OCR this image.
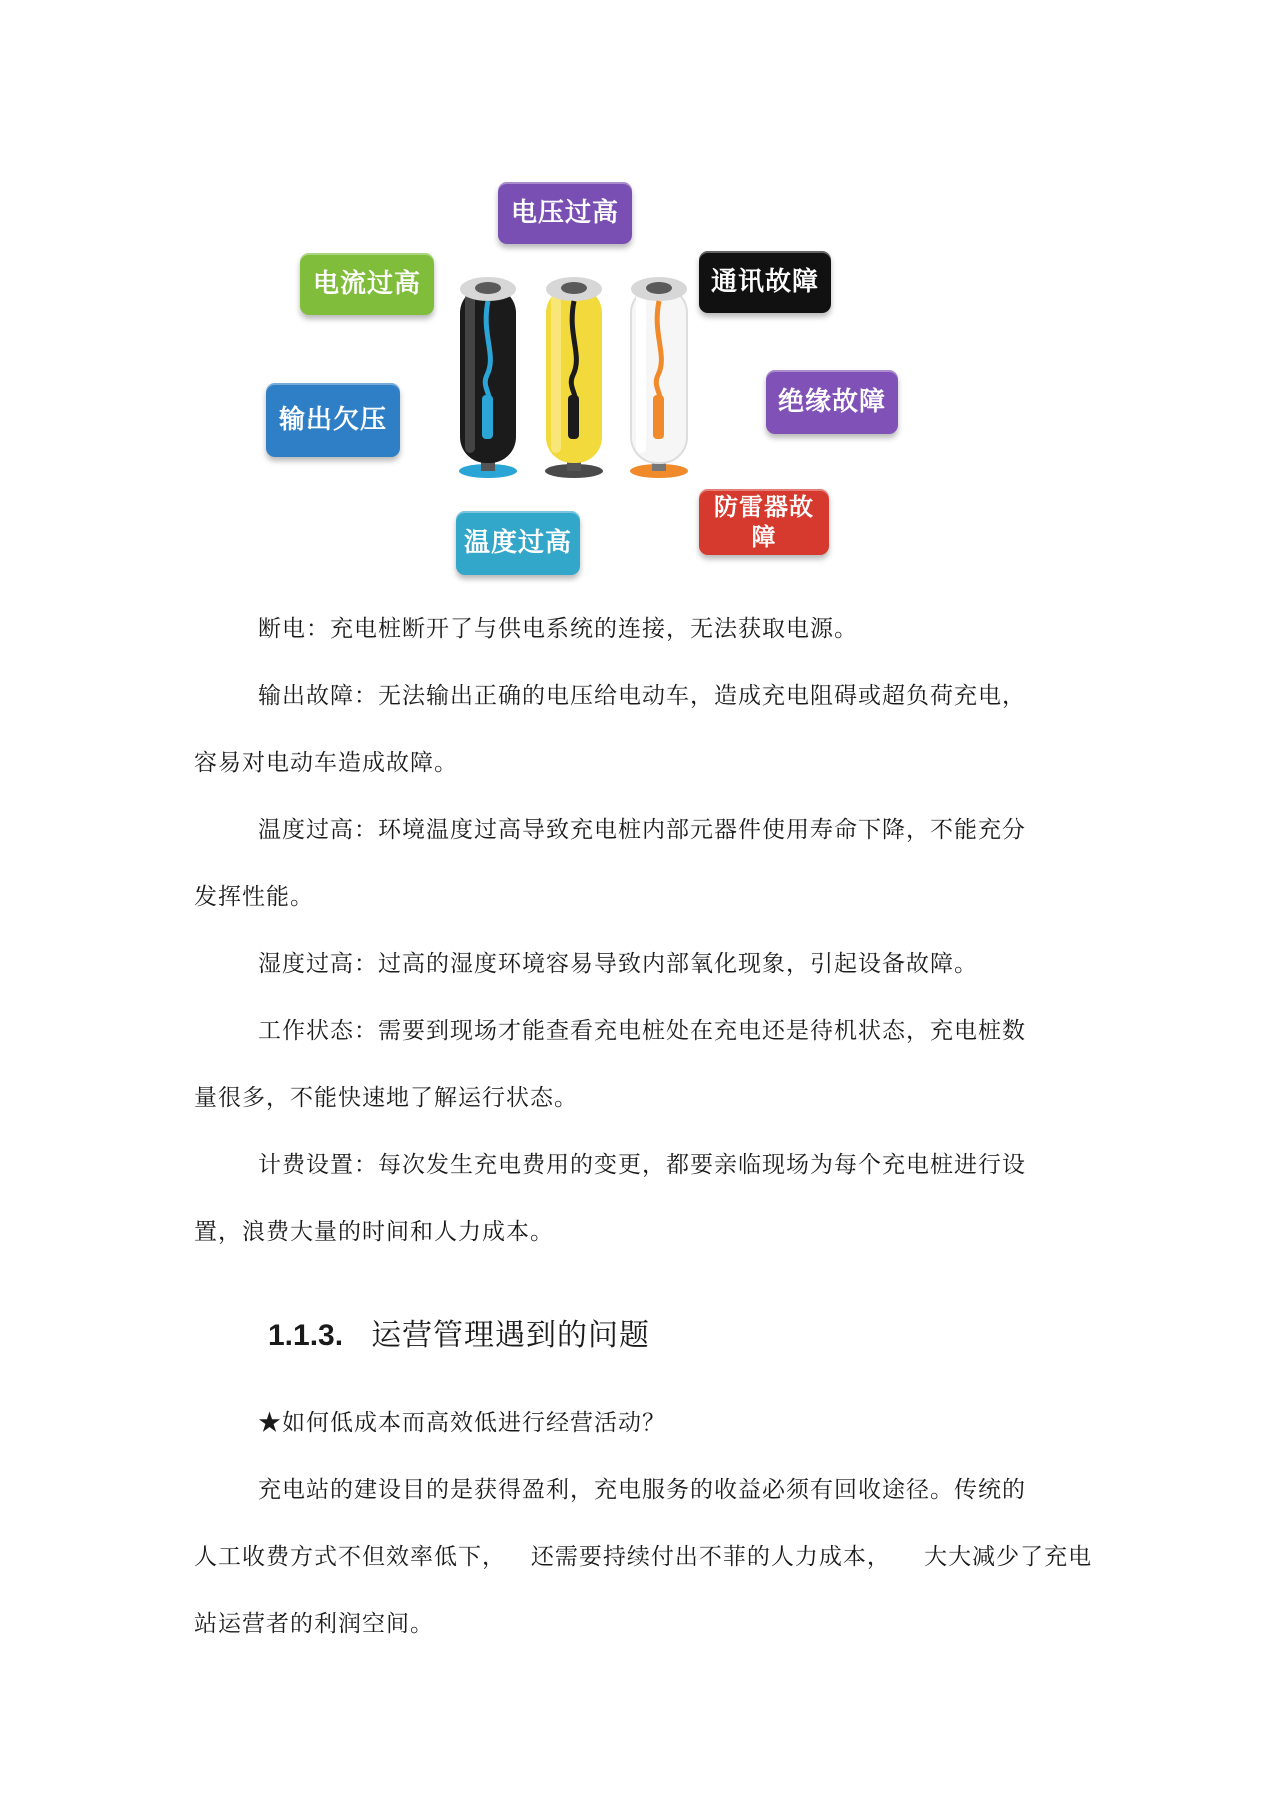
电压过高
电流过高	通讯故障
输出欠压
绝缘故障
防雷器故障
温度过高
断电：充电桩断开了与供电系统的连接，无法获取电源。
输出故障：无法输出正确的电压给电动车，造成充电阻碍或超负荷充电，
容易对电动车造成故障。
温度过高：环境温度过高导致充电桩内部元器件使用寿命下降，不能充分
发挥性能。
湿度过高：过高的湿度环境容易导致内部氧化现象，引起设备故障。
工作状态：需要到现场才能查看充电桩处在充电还是待机状态，充电桩数
量很多，不能快速地了解运行状态。
计费设置：每次发生充电费用的变更，都要亲临现场为每个充电桩进行设
置，浪费大量的时间和人力成本。
1.1.3. 运营管理遇到的问题
★如何低成本而高效低进行经营活动？
充电站的建设目的是获得盈利，充电服务的收益必须有回收途径。传统的
人工收费方式不但效率低下，   还需要持续付出不菲的人力成本，    大大减少了充电
站运营者的利润空间。
